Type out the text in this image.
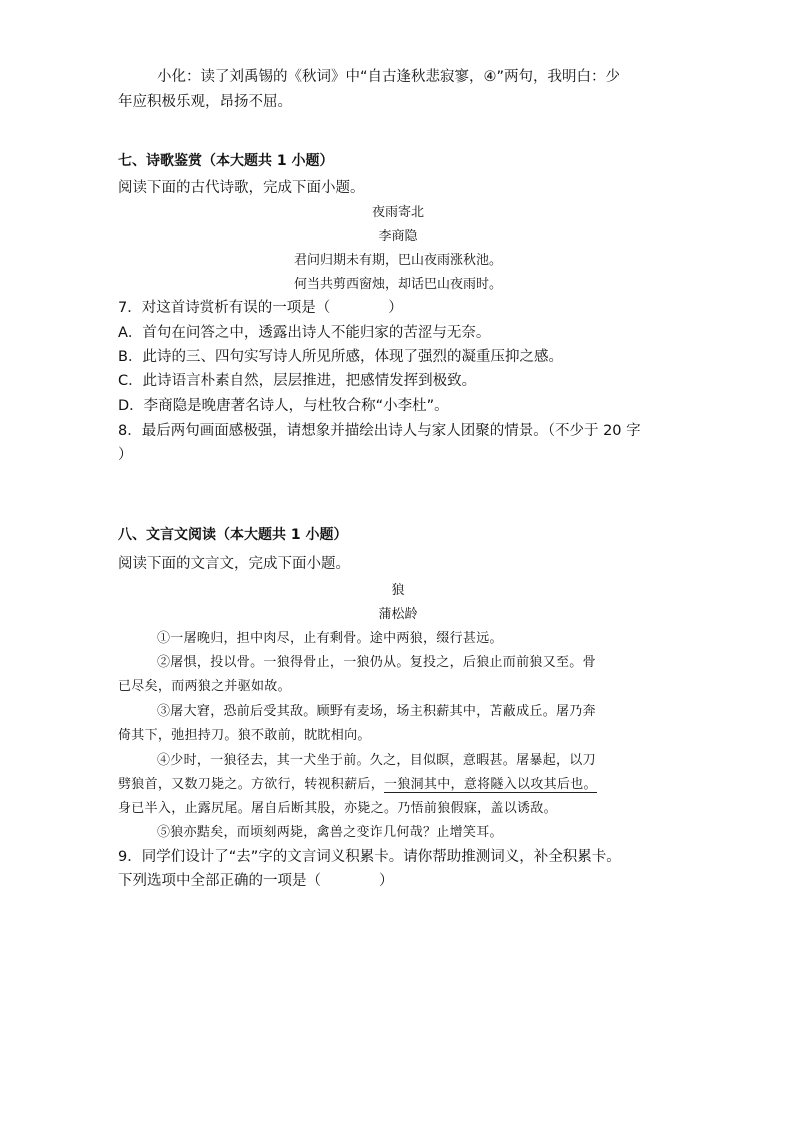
小化：读了刘禹锡的《秋词》中“自古逢秋悲寂寥，④”两句，我明白：少
年应积极乐观，昂扬不屈。
七、诗歌鉴赏（本大题共 1 小题）
阅读下面的古代诗歌，完成下面小题。
夜雨寄北
李商隐
君问归期未有期，巴山夜雨涨秋池。
何当共剪西窗烛，却话巴山夜雨时。
7．对这首诗赏析有误的一项是（　　　　）
A．首句在问答之中，透露出诗人不能归家的苦涩与无奈。
B．此诗的三、四句实写诗人所见所感，体现了强烈的凝重压抑之感。
C．此诗语言朴素自然，层层推进，把感情发挥到极致。
D．李商隐是晚唐著名诗人，与杜牧合称“小李杜”。
8．最后两句画面感极强，请想象并描绘出诗人与家人团聚的情景。（不少于 20 字
）
八、文言文阅读（本大题共 1 小题）
阅读下面的文言文，完成下面小题。
狼
蒲松龄
①一屠晚归，担中肉尽，止有剩骨。途中两狼，缀行甚远。
②屠惧，投以骨。一狼得骨止，一狼仍从。复投之，后狼止而前狼又至。骨
已尽矣，而两狼之并驱如故。
③屠大窘，恐前后受其敌。顾野有麦场，场主积薪其中，苫蔽成丘。屠乃奔
倚其下，弛担持刀。狼不敢前，眈眈相向。
④少时，一狼径去，其一犬坐于前。久之，目似瞑，意暇甚。屠暴起，以刀
劈狼首，又数刀毙之。方欲行，转视积薪后，一狼洞其中，意将隧入以攻其后也。
身已半入，止露尻尾。屠自后断其股，亦毙之。乃悟前狼假寐，盖以诱敌。
⑤狼亦黠矣，而顷刻两毙，禽兽之变诈几何哉？止增笑耳。
9．同学们设计了“去”字的文言词义积累卡。请你帮助推测词义，补全积累卡。
下列选项中全部正确的一项是（　　　　）
